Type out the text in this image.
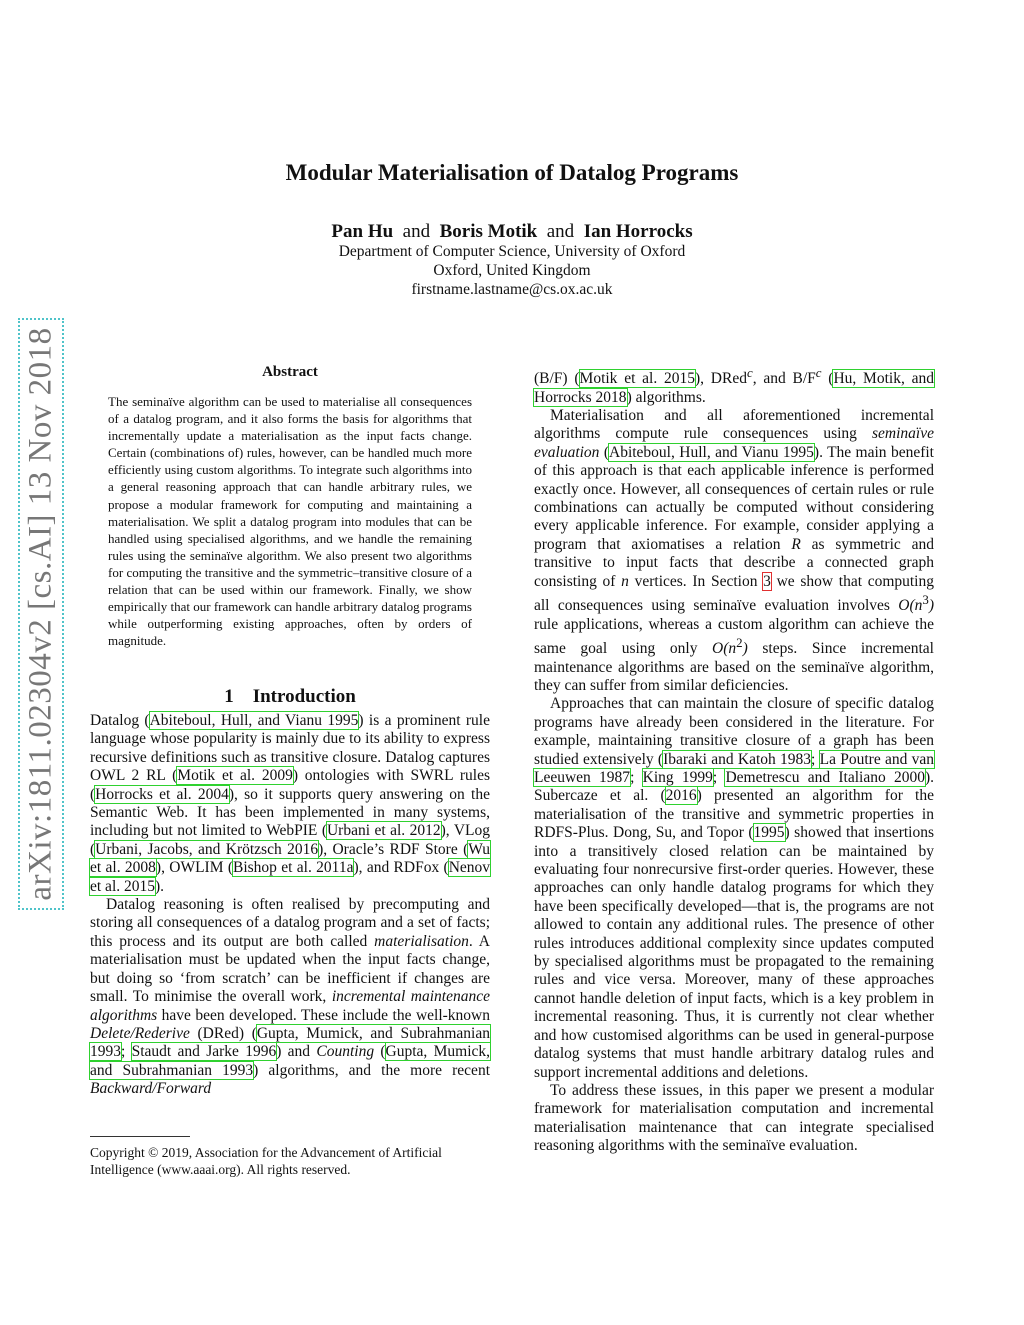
arXiv:1811.02304v2 [cs.AI] 13 Nov 2018
Modular Materialisation of Datalog Programs
Pan Hu and Boris Motik and Ian Horrocks
Department of Computer Science, University of Oxford
Oxford, United Kingdom
firstname.lastname@cs.ox.ac.uk
Abstract
The seminaïve algorithm can be used to materialise all consequences of a datalog program, and it also forms the basis for algorithms that incrementally update a materialisation as the input facts change. Certain (combinations of) rules, however, can be handled much more efficiently using custom algorithms. To integrate such algorithms into a general reasoning approach that can handle arbitrary rules, we propose a modular framework for computing and maintaining a materialisation. We split a datalog program into modules that can be handled using specialised algorithms, and we handle the remaining rules using the seminaïve algorithm. We also present two algorithms for computing the transitive and the symmetric–transitive closure of a relation that can be used within our framework. Finally, we show empirically that our framework can handle arbitrary datalog programs while outperforming existing approaches, often by orders of magnitude.
1 Introduction

Datalog (Abiteboul, Hull, and Vianu 1995) is a prominent rule language whose popularity is mainly due to its ability to express recursive definitions such as transitive closure. Datalog captures OWL 2 RL (Motik et al. 2009) ontologies with SWRL rules (Horrocks et al. 2004), so it supports query answering on the Semantic Web. It has been implemented in many systems, including but not limited to WebPIE (Urbani et al. 2012), VLog (Urbani, Jacobs, and Krötzsch 2016), Oracle’s RDF Store (Wu et al. 2008), OWLIM (Bishop et al. 2011a), and RDFox (Nenov et al. 2015).

Datalog reasoning is often realised by precomputing and storing all consequences of a datalog program and a set of facts; this process and its output are both called materialisation. A materialisation must be updated when the input facts change, but doing so ‘from scratch’ can be inefficient if changes are small. To minimise the overall work, incremental maintenance algorithms have been developed. These include the well-known Delete/Rederive (DRed) (Gupta, Mumick, and Subrahmanian 1993; Staudt and Jarke 1996) and Counting (Gupta, Mumick, and Subrahmanian 1993) algorithms, and the more recent Backward/Forward

Copyright © 2019, Association for the Advancement of Artificial Intelligence (www.aaai.org). All rights reserved.

(B/F) (Motik et al. 2015), DRed$^c$, and $B/F^c$ (Hu, Motik, and Horrocks 2018) algorithms.

Materialisation and all aforementioned incremental algorithms compute rule consequences using seminaïve evaluation (Abiteboul, Hull, and Vianu 1995). The main benefit of this approach is that each applicable inference is performed exactly once. However, all consequences of certain rules or rule combinations can actually be computed without considering every applicable inference. For example, consider applying a program that axiomatises a relation R as symmetric and transitive to input facts that describe a connected graph consisting of n vertices. In Section 3 we show that computing all consequences using seminaïve evaluation involves $O(n^3)$ rule applications, whereas a custom algorithm can achieve the same goal using only $O(n^2)$ steps. Since incremental maintenance algorithms are based on the seminaïve algorithm, they can suffer from similar deficiencies.

Approaches that can maintain the closure of specific datalog programs have already been considered in the literature. For example, maintaining transitive closure of a graph has been studied extensively (Ibaraki and Katoh 1983; La Poutre and van Leeuwen 1987; King 1999; Demetrescu and Italiano 2000). Subercaze et al. (2016) presented an algorithm for the materialisation of the transitive and symmetric properties in RDFS-Plus. Dong, Su, and Topor (1995) showed that insertions into a transitively closed relation can be maintained by evaluating four nonrecursive first-order queries. However, these approaches can only handle datalog programs for which they have been specifically developed—that is, the programs are not allowed to contain any additional rules. The presence of other rules introduces additional complexity since updates computed by specialised algorithms must be propagated to the remaining rules and vice versa. Moreover, many of these approaches cannot handle deletion of input facts, which is a key problem in incremental reasoning. Thus, it is currently not clear whether and how customised algorithms can be used in general-purpose datalog systems that must handle arbitrary datalog rules and support incremental additions and deletions.

To address these issues, in this paper we present a modular framework for materialisation computation and incremental materialisation maintenance that can integrate specialised reasoning algorithms with the seminaïve evaluation.
